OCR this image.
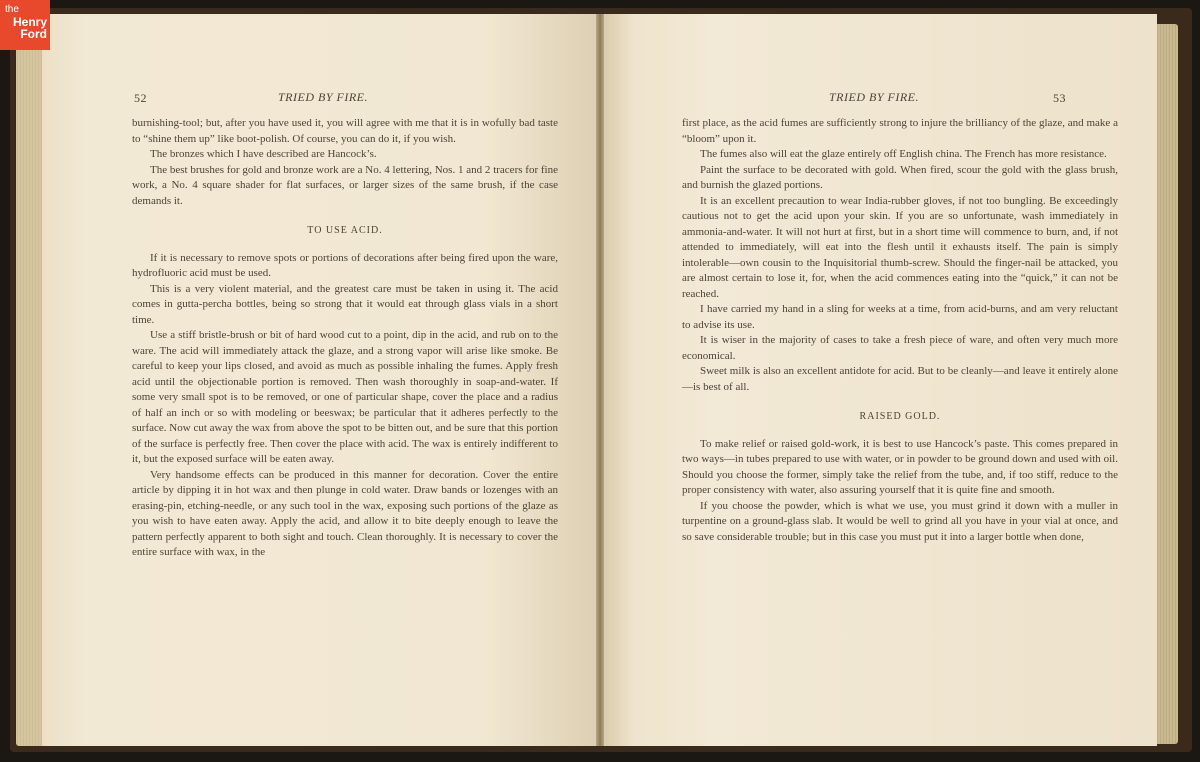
52	TRIED BY FIRE.

burnishing-tool; but, after you have used it, you will agree with me that it is in wofully bad taste to “shine them up” like boot-polish. Of course, you can do it, if you wish.

The bronzes which I have described are Hancock’s.

The best brushes for gold and bronze work are a No. 4 lettering, Nos. 1 and 2 tracers for fine work, a No. 4 square shader for flat surfaces, or larger sizes of the same brush, if the case demands it.

TO USE ACID.

If it is necessary to remove spots or portions of decorations after being fired upon the ware, hydrofluoric acid must be used.

This is a very violent material, and the greatest care must be taken in using it. The acid comes in gutta-percha bottles, being so strong that it would eat through glass vials in a short time.

Use a stiff bristle-brush or bit of hard wood cut to a point, dip in the acid, and rub on to the ware. The acid will immediately attack the glaze, and a strong vapor will arise like smoke. Be careful to keep your lips closed, and avoid as much as possible inhaling the fumes. Apply fresh acid until the objectionable portion is removed. Then wash thoroughly in soap-and-water. If some very small spot is to be removed, or one of particular shape, cover the place and a radius of half an inch or so with modeling or beeswax; be particular that it adheres perfectly to the surface. Now cut away the wax from above the spot to be bitten out, and be sure that this portion of the surface is perfectly free. Then cover the place with acid. The wax is entirely indifferent to it, but the exposed surface will be eaten away.

Very handsome effects can be produced in this manner for decoration. Cover the entire article by dipping it in hot wax and then plunge in cold water. Draw bands or lozenges with an erasing-pin, etching-needle, or any such tool in the wax, exposing such portions of the glaze as you wish to have eaten away. Apply the acid, and allow it to bite deeply enough to leave the pattern perfectly apparent to both sight and touch. Clean thoroughly. It is necessary to cover the entire surface with wax, in the

TRIED BY FIRE.	53

first place, as the acid fumes are sufficiently strong to injure the brilliancy of the glaze, and make a “bloom” upon it.

The fumes also will eat the glaze entirely off English china. The French has more resistance.

Paint the surface to be decorated with gold. When fired, scour the gold with the glass brush, and burnish the glazed portions.

It is an excellent precaution to wear India-rubber gloves, if not too bungling. Be exceedingly cautious not to get the acid upon your skin. If you are so unfortunate, wash immediately in ammonia-and-water. It will not hurt at first, but in a short time will commence to burn, and, if not attended to immediately, will eat into the flesh until it exhausts itself. The pain is simply intolerable—own cousin to the Inquisitorial thumb-screw. Should the finger-nail be attacked, you are almost certain to lose it, for, when the acid commences eating into the “quick,” it can not be reached.

I have carried my hand in a sling for weeks at a time, from acid-burns, and am very reluctant to advise its use.

It is wiser in the majority of cases to take a fresh piece of ware, and often very much more economical.

Sweet milk is also an excellent antidote for acid. But to be cleanly—and leave it entirely alone—is best of all.

RAISED GOLD.

To make relief or raised gold-work, it is best to use Hancock’s paste. This comes prepared in two ways—in tubes prepared to use with water, or in powder to be ground down and used with oil. Should you choose the former, simply take the relief from the tube, and, if too stiff, reduce to the proper consistency with water, also assuring yourself that it is quite fine and smooth.

If you choose the powder, which is what we use, you must grind it down with a muller in turpentine on a ground-glass slab. It would be well to grind all you have in your vial at once, and so save considerable trouble; but in this case you must put it into a larger bottle when done,

the
Henry
Ford
